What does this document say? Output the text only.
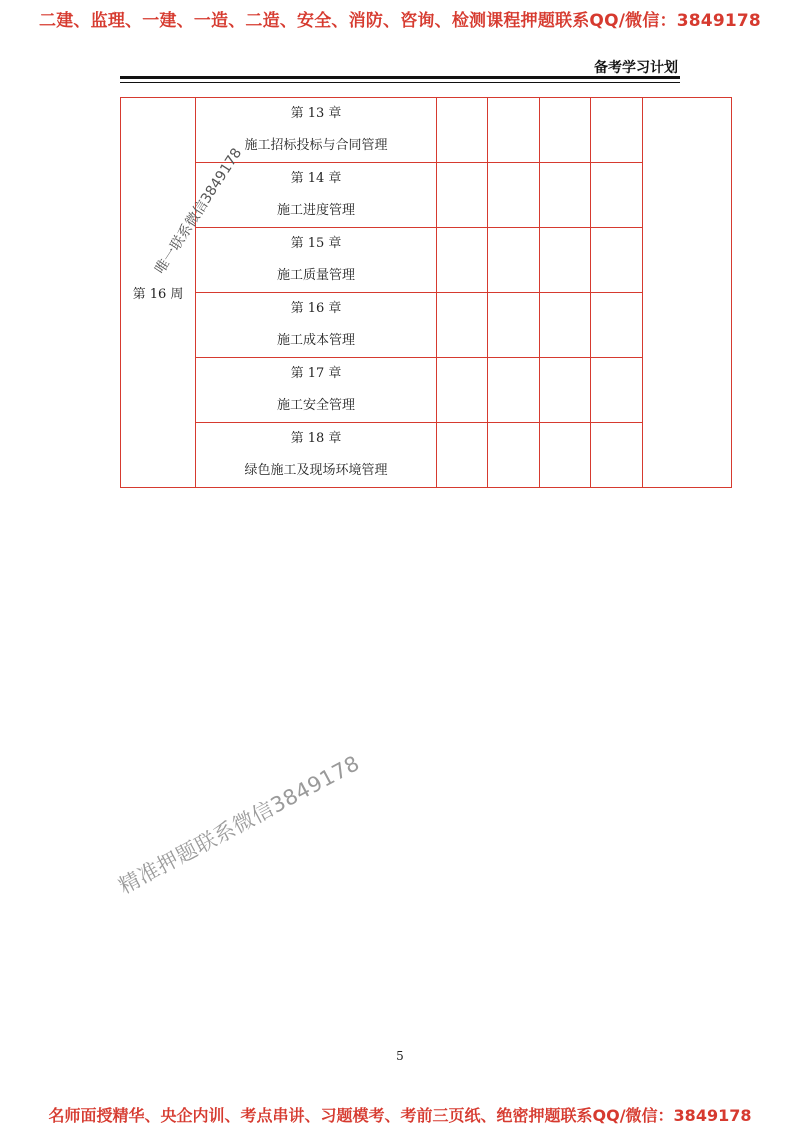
二建、监理、一建、一造、二造、安全、消防、咨询、检测课程押题联系QQ/微信：3849178
备考学习计划
第 16 周	第 13 章
施工招标投标与合同管理					

	第 14 章
施工进度管理					

	第 15 章
施工质量管理					

	第 16 章
施工成本管理					

	第 17 章
施工安全管理					

	第 18 章
绿色施工及现场环境管理					

唯一联系微信3849178
精准押题联系微信3849178
5
名师面授精华、央企内训、考点串讲、习题模考、考前三页纸、绝密押题联系QQ/微信：3849178
